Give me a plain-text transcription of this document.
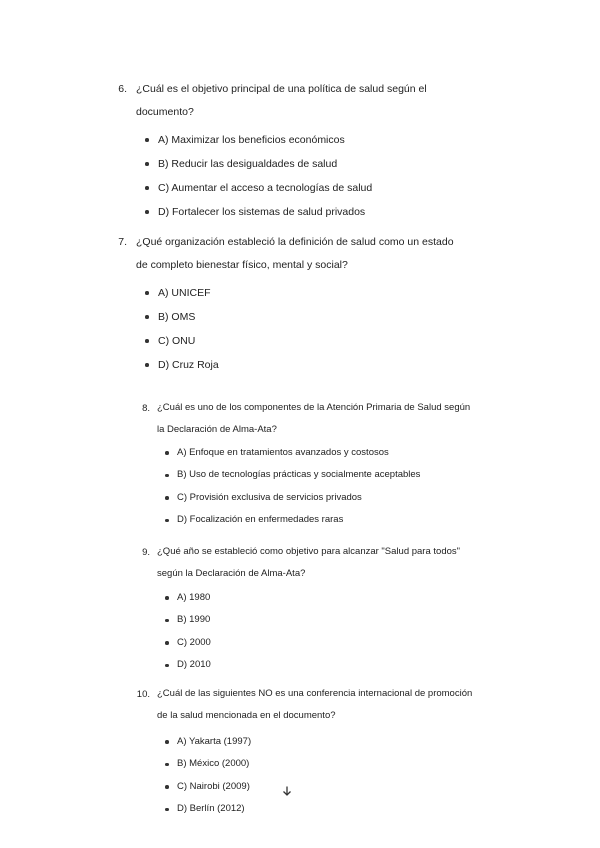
6. ¿Cuál es el objetivo principal de una política de salud según el documento?
A) Maximizar los beneficios económicos
B) Reducir las desigualdades de salud
C) Aumentar el acceso a tecnologías de salud
D) Fortalecer los sistemas de salud privados
7. ¿Qué organización estableció la definición de salud como un estado de completo bienestar físico, mental y social?
A) UNICEF
B) OMS
C) ONU
D) Cruz Roja
8. ¿Cuál es uno de los componentes de la Atención Primaria de Salud según la Declaración de Alma-Ata?
A) Enfoque en tratamientos avanzados y costosos
B) Uso de tecnologías prácticas y socialmente aceptables
C) Provisión exclusiva de servicios privados
D) Focalización en enfermedades raras
9. ¿Qué año se estableció como objetivo para alcanzar "Salud para todos" según la Declaración de Alma-Ata?
A) 1980
B) 1990
C) 2000
D) 2010
10. ¿Cuál de las siguientes NO es una conferencia internacional de promoción de la salud mencionada en el documento?
A) Yakarta (1997)
B) México (2000)
C) Nairobi (2009)
D) Berlín (2012)
